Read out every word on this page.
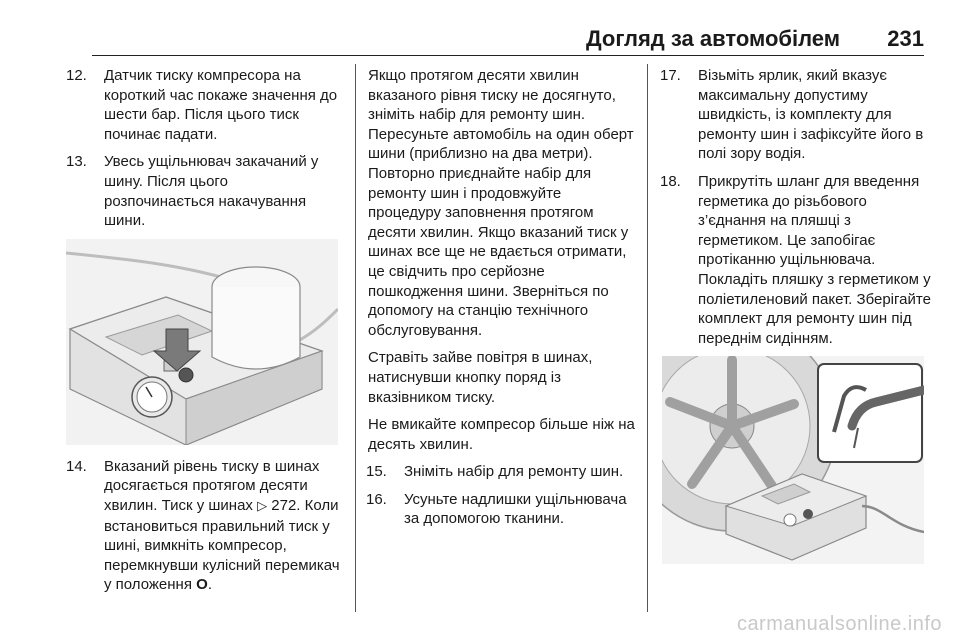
Догляд за автомобілем 231
12.	Датчик тиску компресора на короткий час покаже значення до шести бар. Після цього тиск починає падати.
13.	Увесь ущільнювач закачаний у шину. Після цього розпочинається накачування шини.
14.	Вказаний рівень тиску в шинах досягається протягом десяти хвилин. Тиск у шинах ▷ 272. Коли встановиться правильний тиск у шині, вимкніть компресор, перемкнувши кулісний перемикач у положення O.

Якщо протягом десяти хвилин вказаного рівня тиску не досягнуто, зніміть набір для ремонту шин. Пересуньте автомобіль на один оберт шини (приблизно на два метри). Повторно приєднайте набір для ремонту шин і продовжуйте процедуру заповнення протягом десяти хвилин. Якщо вказаний тиск у шинах все ще не вдається отримати, це свідчить про серйозне пошкодження шини. Зверніться по допомогу на станцію технічного обслуговування.

Стравіть зайве повітря в шинах, натиснувши кнопку поряд із вказівником тиску.

Не вмикайте компресор більше ніж на десять хвилин.

15.	Зніміть набір для ремонту шин.
16.	Усуньте надлишки ущільнювача за допомогою тканини.
17.	Візьміть ярлик, який вказує максимальну допустиму швидкість, із комплекту для ремонту шин і зафіксуйте його в полі зору водія.
18.	Прикрутіть шланг для введення герметика до різьбового з’єднання на пляшці з герметиком. Це запобігає протіканню ущільнювача. Покладіть пляшку з герметиком у поліетиленовий пакет. Зберігайте комплект для ремонту шин під переднім сидінням.
carmanualsonline.info
